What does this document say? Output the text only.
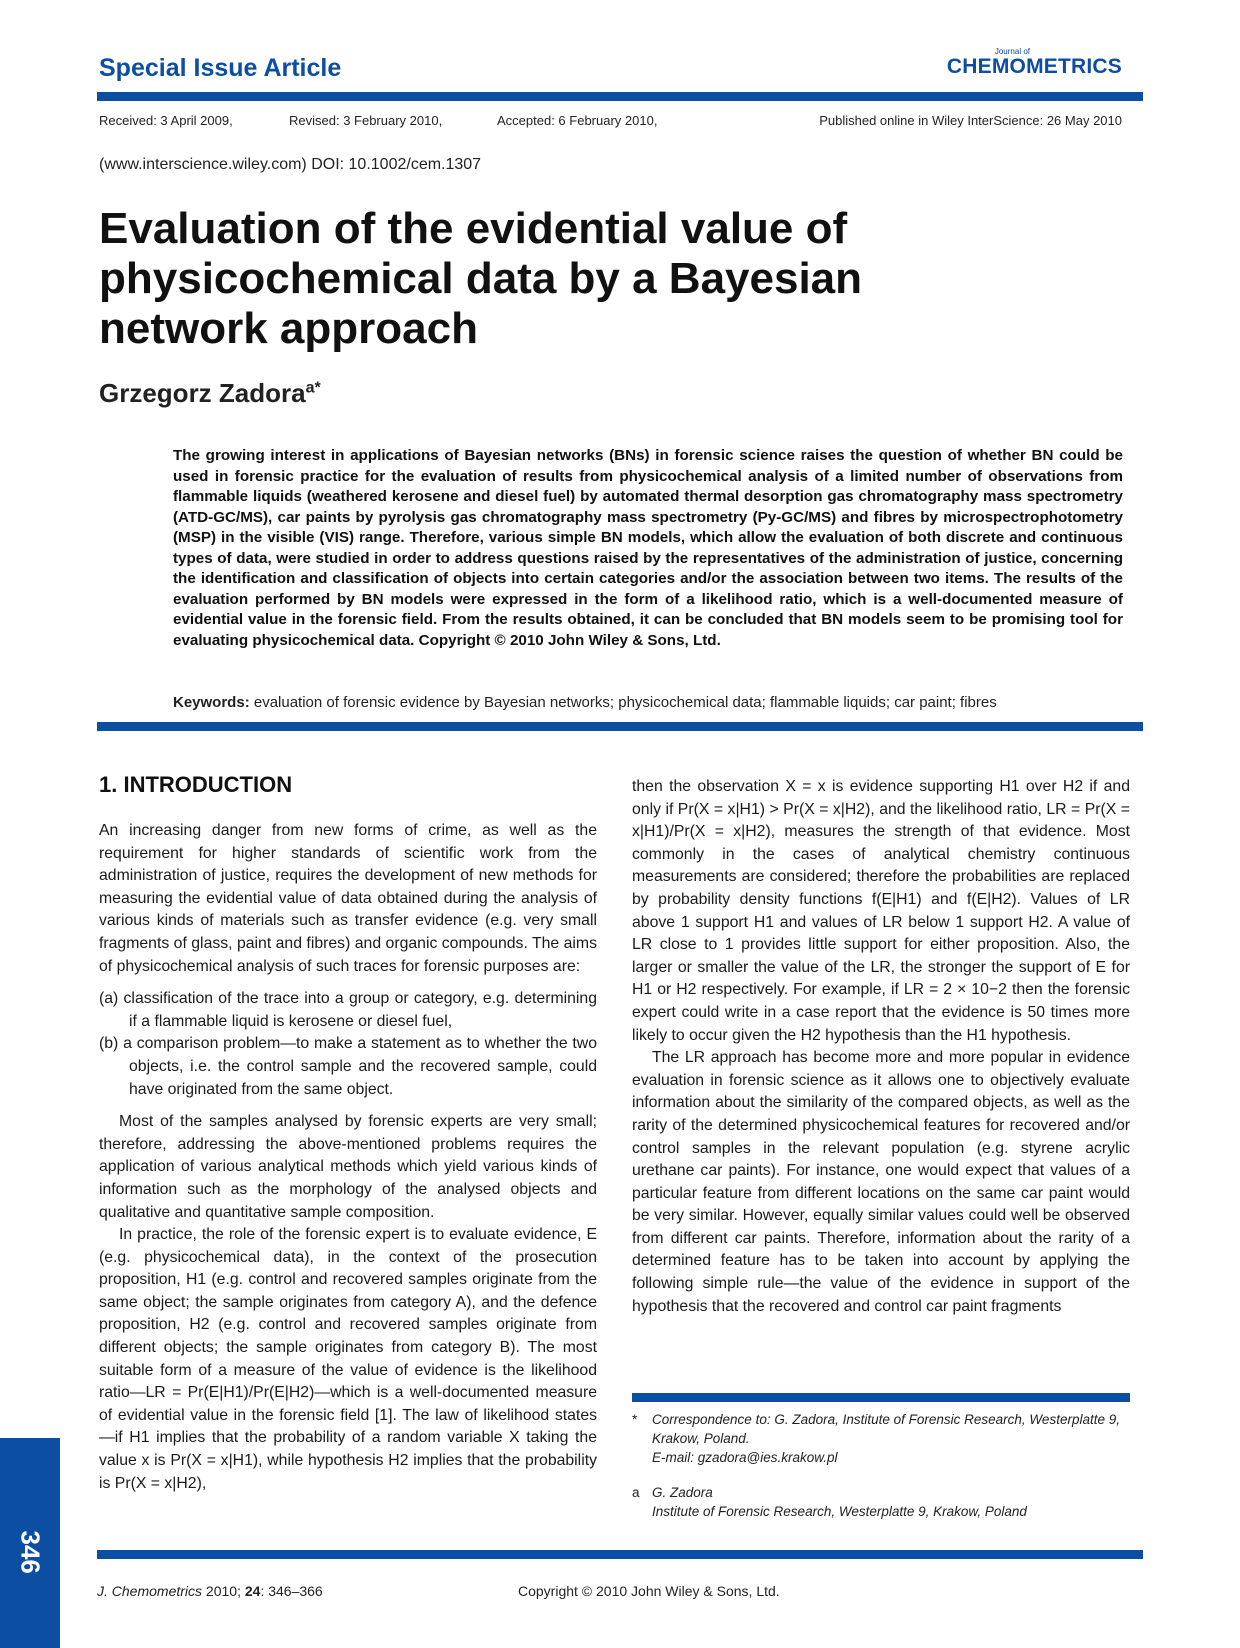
Special Issue Article
Journal of
CHEMOMETRICS
Received: 3 April 2009,	Revised: 3 February 2010,	Accepted: 6 February 2010,	Published online in Wiley InterScience: 26 May 2010
(www.interscience.wiley.com) DOI: 10.1002/cem.1307
Evaluation of the evidential value of physicochemical data by a Bayesian network approach
Grzegorz Zadora$^{a*}$

The growing interest in applications of Bayesian networks (BNs) in forensic science raises the question of whether BN could be used in forensic practice for the evaluation of results from physicochemical analysis of a limited number of observations from flammable liquids (weathered kerosene and diesel fuel) by automated thermal desorption gas chromatography mass spectrometry (ATD-GC/MS), car paints by pyrolysis gas chromatography mass spectrometry (Py-GC/MS) and fibres by microspectrophotometry (MSP) in the visible (VIS) range. Therefore, various simple BN models, which allow the evaluation of both discrete and continuous types of data, were studied in order to address questions raised by the representatives of the administration of justice, concerning the identification and classification of objects into certain categories and/or the association between two items. The results of the evaluation performed by BN models were expressed in the form of a likelihood ratio, which is a well-documented measure of evidential value in the forensic field. From the results obtained, it can be concluded that BN models seem to be promising tool for evaluating physicochemical data. Copyright © 2010 John Wiley & Sons, Ltd.

Keywords: evaluation of forensic evidence by Bayesian networks; physicochemical data; flammable liquids; car paint; fibres
1. INTRODUCTION

An increasing danger from new forms of crime, as well as the requirement for higher standards of scientific work from the administration of justice, requires the development of new methods for measuring the evidential value of data obtained during the analysis of various kinds of materials such as transfer evidence (e.g. very small fragments of glass, paint and fibres) and organic compounds. The aims of physicochemical analysis of such traces for forensic purposes are:

(a) classification of the trace into a group or category, e.g. determining if a flammable liquid is kerosene or diesel fuel,
(b) a comparison problem—to make a statement as to whether the two objects, i.e. the control sample and the recovered sample, could have originated from the same object.

Most of the samples analysed by forensic experts are very small; therefore, addressing the above-mentioned problems requires the application of various analytical methods which yield various kinds of information such as the morphology of the analysed objects and qualitative and quantitative sample composition.

In practice, the role of the forensic expert is to evaluate evidence, E (e.g. physicochemical data), in the context of the prosecution proposition, H1 (e.g. control and recovered samples originate from the same object; the sample originates from category A), and the defence proposition, H2 (e.g. control and recovered samples originate from different objects; the sample originates from category B). The most suitable form of a measure of the value of evidence is the likelihood ratio—LR = Pr(E|H1)/Pr(E|H2)—which is a well-documented measure of evidential value in the forensic field [1]. The law of likelihood states—if H1 implies that the probability of a random variable X taking the value x is Pr(X = x|H1), while hypothesis H2 implies that the probability is Pr(X = x|H2),

then the observation X = x is evidence supporting H1 over H2 if and only if Pr(X = x|H1) > Pr(X = x|H2), and the likelihood ratio, LR = Pr(X = x|H1)/Pr(X = x|H2), measures the strength of that evidence. Most commonly in the cases of analytical chemistry continuous measurements are considered; therefore the probabilities are replaced by probability density functions f(E|H1) and f(E|H2). Values of LR above 1 support H1 and values of LR below 1 support H2. A value of LR close to 1 provides little support for either proposition. Also, the larger or smaller the value of the LR, the stronger the support of E for H1 or H2 respectively. For example, if LR = 2 × 10−2 then the forensic expert could write in a case report that the evidence is 50 times more likely to occur given the H2 hypothesis than the H1 hypothesis.

The LR approach has become more and more popular in evidence evaluation in forensic science as it allows one to objectively evaluate information about the similarity of the compared objects, as well as the rarity of the determined physicochemical features for recovered and/or control samples in the relevant population (e.g. styrene acrylic urethane car paints). For instance, one would expect that values of a particular feature from different locations on the same car paint would be very similar. However, equally similar values could well be observed from different car paints. Therefore, information about the rarity of a determined feature has to be taken into account by applying the following simple rule—the value of the evidence in support of the hypothesis that the recovered and control car paint fragments

*	Correspondence to: G. Zadora, Institute of Forensic Research, Westerplatte 9, Krakow, Poland.
E-mail: gzadora@ies.krakow.pl
a G. Zadora
Institute of Forensic Research, Westerplatte 9, Krakow, Poland
346
J. Chemometrics 2010; 24: 346–366	Copyright © 2010 John Wiley & Sons, Ltd.
